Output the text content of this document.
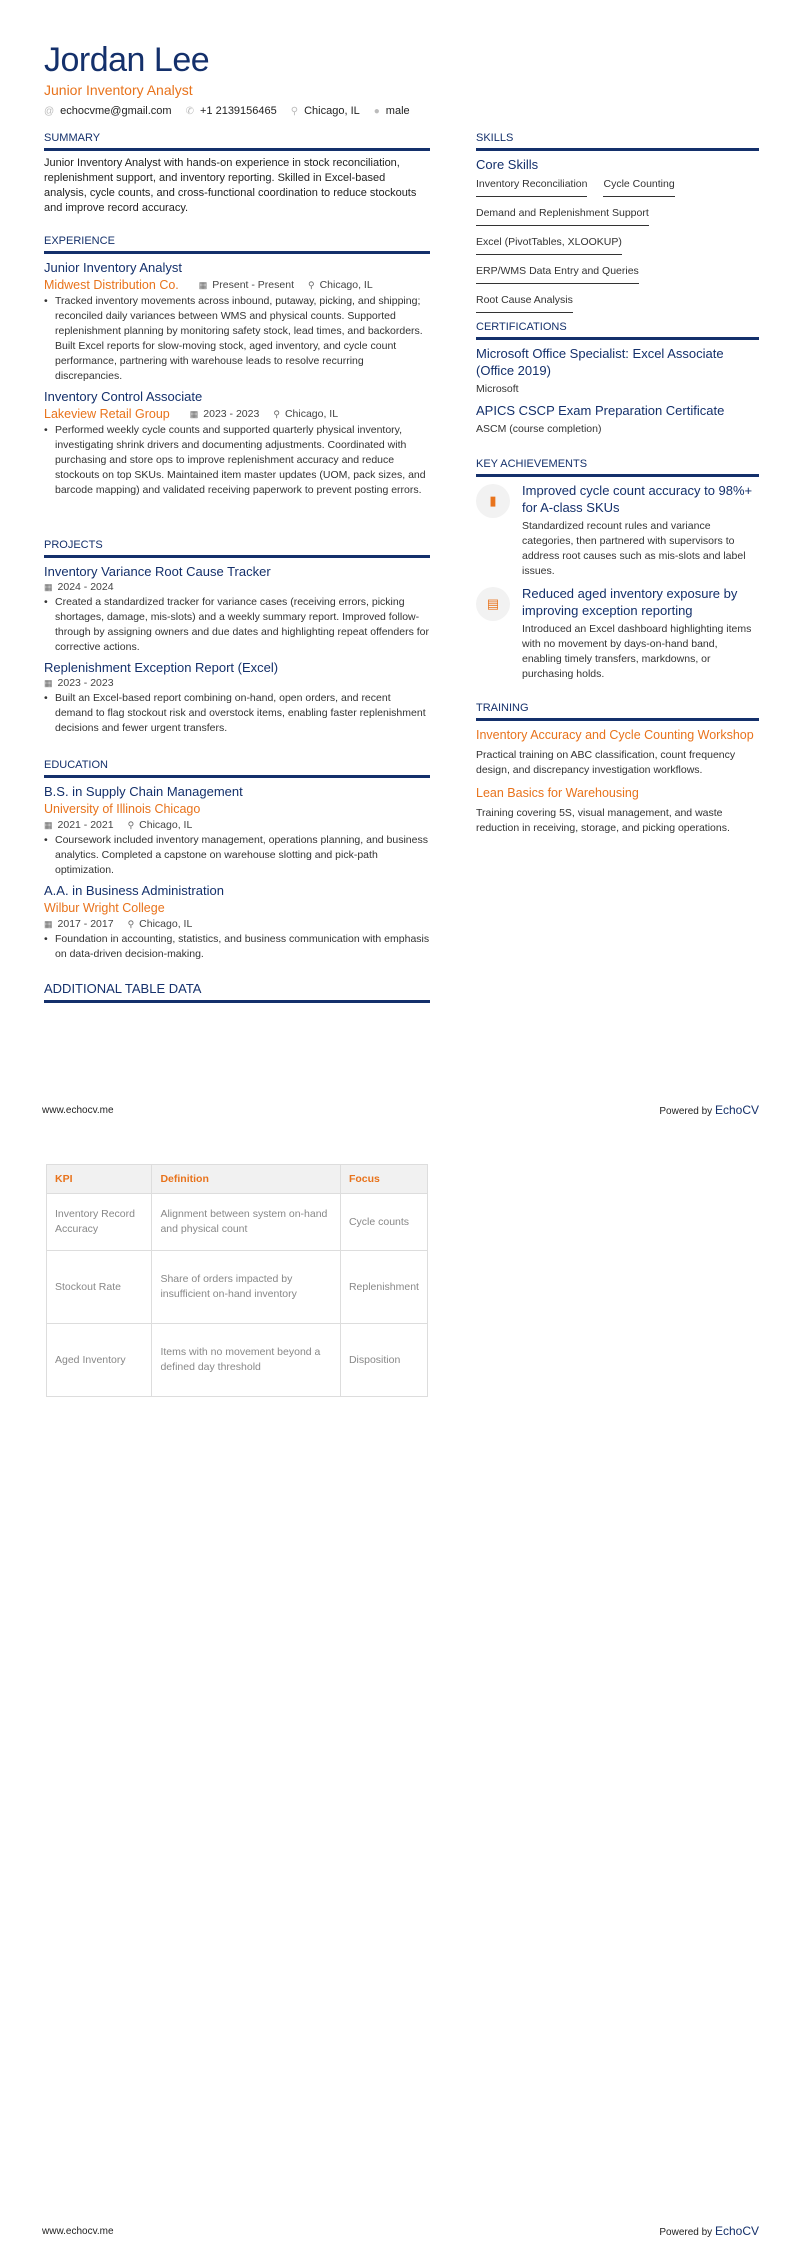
Jordan Lee
Junior Inventory Analyst
@ echocvme@gmail.com ✆ +1 2139156465 ⚲ Chicago, IL ● male
SUMMARY
Junior Inventory Analyst with hands-on experience in stock reconciliation, replenishment support, and inventory reporting. Skilled in Excel-based analysis, cycle counts, and cross-functional coordination to reduce stockouts and improve record accuracy.
EXPERIENCE
Junior Inventory Analyst
Midwest Distribution Co. ▦ Present - Present ⚲ Chicago, IL
• Tracked inventory movements across inbound, putaway, picking, and shipping; reconciled daily variances between WMS and physical counts. Supported replenishment planning by monitoring safety stock, lead times, and backorders. Built Excel reports for slow-moving stock, aged inventory, and cycle count performance, partnering with warehouse leads to resolve recurring discrepancies.
Inventory Control Associate
Lakeview Retail Group ▦ 2023 - 2023 ⚲ Chicago, IL
• Performed weekly cycle counts and supported quarterly physical inventory, investigating shrink drivers and documenting adjustments. Coordinated with purchasing and store ops to improve replenishment accuracy and reduce stockouts on top SKUs. Maintained item master updates (UOM, pack sizes, and barcode mapping) and validated receiving paperwork to prevent posting errors.
PROJECTS
Inventory Variance Root Cause Tracker
▦ 2024 - 2024
• Created a standardized tracker for variance cases (receiving errors, picking shortages, damage, mis-slots) and a weekly summary report. Improved follow-through by assigning owners and due dates and highlighting repeat offenders for corrective actions.
Replenishment Exception Report (Excel)
▦ 2023 - 2023
• Built an Excel-based report combining on-hand, open orders, and recent demand to flag stockout risk and overstock items, enabling faster replenishment decisions and fewer urgent transfers.
EDUCATION
B.S. in Supply Chain Management
University of Illinois Chicago
▦ 2021 - 2021 ⚲ Chicago, IL
• Coursework included inventory management, operations planning, and business analytics. Completed a capstone on warehouse slotting and pick-path optimization.
A.A. in Business Administration
Wilbur Wright College
▦ 2017 - 2017 ⚲ Chicago, IL
• Foundation in accounting, statistics, and business communication with emphasis on data-driven decision-making.
ADDITIONAL TABLE DATA
SKILLS
Core Skills
Inventory Reconciliation Cycle Counting
Demand and Replenishment Support
Excel (PivotTables, XLOOKUP)
ERP/WMS Data Entry and Queries
Root Cause Analysis
CERTIFICATIONS
Microsoft Office Specialist: Excel Associate (Office 2019)
Microsoft
APICS CSCP Exam Preparation Certificate
ASCM (course completion)
KEY ACHIEVEMENTS
▮
Improved cycle count accuracy to 98%+ for A-class SKUs
Standardized recount rules and variance categories, then partnered with supervisors to address root causes such as mis-slots and label issues.
▤
Reduced aged inventory exposure by improving exception reporting
Introduced an Excel dashboard highlighting items with no movement by days-on-hand band, enabling timely transfers, markdowns, or purchasing holds.
TRAINING
Inventory Accuracy and Cycle Counting Workshop
Practical training on ABC classification, count frequency design, and discrepancy investigation workflows.
Lean Basics for Warehousing
Training covering 5S, visual management, and waste reduction in receiving, storage, and picking operations.
www.echocv.me	Powered by EchoCV
KPI	Definition	Focus
Inventory Record Accuracy	Alignment between system on-hand and physical count	Cycle counts
Stockout Rate	Share of orders impacted by insufficient on-hand inventory	Replenishment
Aged Inventory	Items with no movement beyond a defined day threshold	Disposition
www.echocv.me	Powered by EchoCV
